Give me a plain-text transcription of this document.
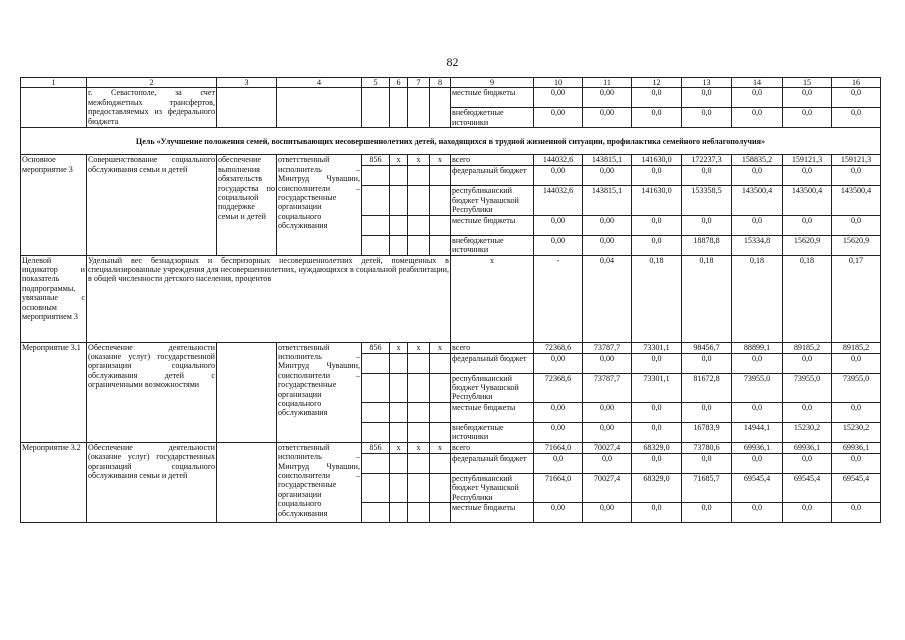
82
1	2	3	4	5	6	7	8	9	10	11	12	13	14	15	16
	г. Севастополе, за счет межбюджетных трансфертов, предоставляемых из федерального бюджета							местные бюджеты	0,00	0,00	0,0	0,0	0,0	0,0	0,0
								внебюджетные источники	0,00	0,00	0,0	0,0	0,0	0,0	0,0
Цель «Улучшение положения семей, воспитывающих несовершеннолетних детей, находящихся в трудной жизненной ситуации, профилактика семейного неблагополучия»															
Основное мероприятие 3	Совершенствование социального обслуживания семьи и детей	обеспечение выполнения обязательств государства по социальной поддержке семьи и детей	ответственный исполнитель – Минтруд Чувашии, соисполнители – государственные организации социального обслуживания	856	х	х	х	всего	144032,6	143815,1	141630,0	172237,3	158835,2	159121,3	159121,3
								федеральный бюджет	0,00	0,00	0,0	0,0	0,0	0,0	0,0
								республиканский бюджет Чувашской Республики	144032,6	143815,1	141630,0	153358,5	143500,4	143500,4	143500,4
								местные бюджеты	0,00	0,00	0,0	0,0	0,0	0,0	0,0
								внебюджетные источники	0,00	0,00	0,0	18878,8	15334,8	15620,9	15620,9
Целевой индикатор и показатель подпрограммы, увязанные с основным мероприятием 3	Удельный вес безнадзорных и беспризорных несовершеннолетних детей, помещенных в специализированные учреждения для несовершеннолетних, нуждающихся в социальной реабилитации, в общей численности детского населения, процентов							х	-	0,04	0,18	0,18	0,18	0,18	0,17
Мероприятие 3.1	Обеспечение деятельности (оказание услуг) государственной организации социального обслуживания детей с ограниченными возможностями		ответственный исполнитель – Минтруд Чувашии, соисполнители – государственные организации социального обслуживания	856	х	х	х	всего	72368,6	73787,7	73301,1	98456,7	88899,1	89185,2	89185,2
								федеральный бюджет	0,00	0,00	0,0	0,0	0,0	0,0	0,0
								республиканский бюджет Чувашской Республики	72368,6	73787,7	73301,1	81672,8	73955,0	73955,0	73955,0
								местные бюджеты	0,00	0,00	0,0	0,0	0,0	0,0	0,0
								внебюджетные источники	0,00	0,00	0,0	16783,9	14944,1	15230,2	15230,2
Мероприятие 3.2	Обеспечение деятельности (оказание услуг) государственных организаций социального обслуживания семьи и детей		ответственный исполнитель – Минтруд Чувашии, соисполнители – государственные организации социального обслуживания	856	х	х	х	всего	71664,0	70027,4	68329,0	73780,6	69936,1	69936,1	69936,1
								федеральный бюджет	0,0	0,0	0,0	0,0	0,0	0,0	0,0
								республиканский бюджет Чувашской Республики	71664,0	70027,4	68329,0	71685,7	69545,4	69545,4	69545,4
								местные бюджеты	0,00	0,00	0,0	0,0	0,0	0,0	0,0
